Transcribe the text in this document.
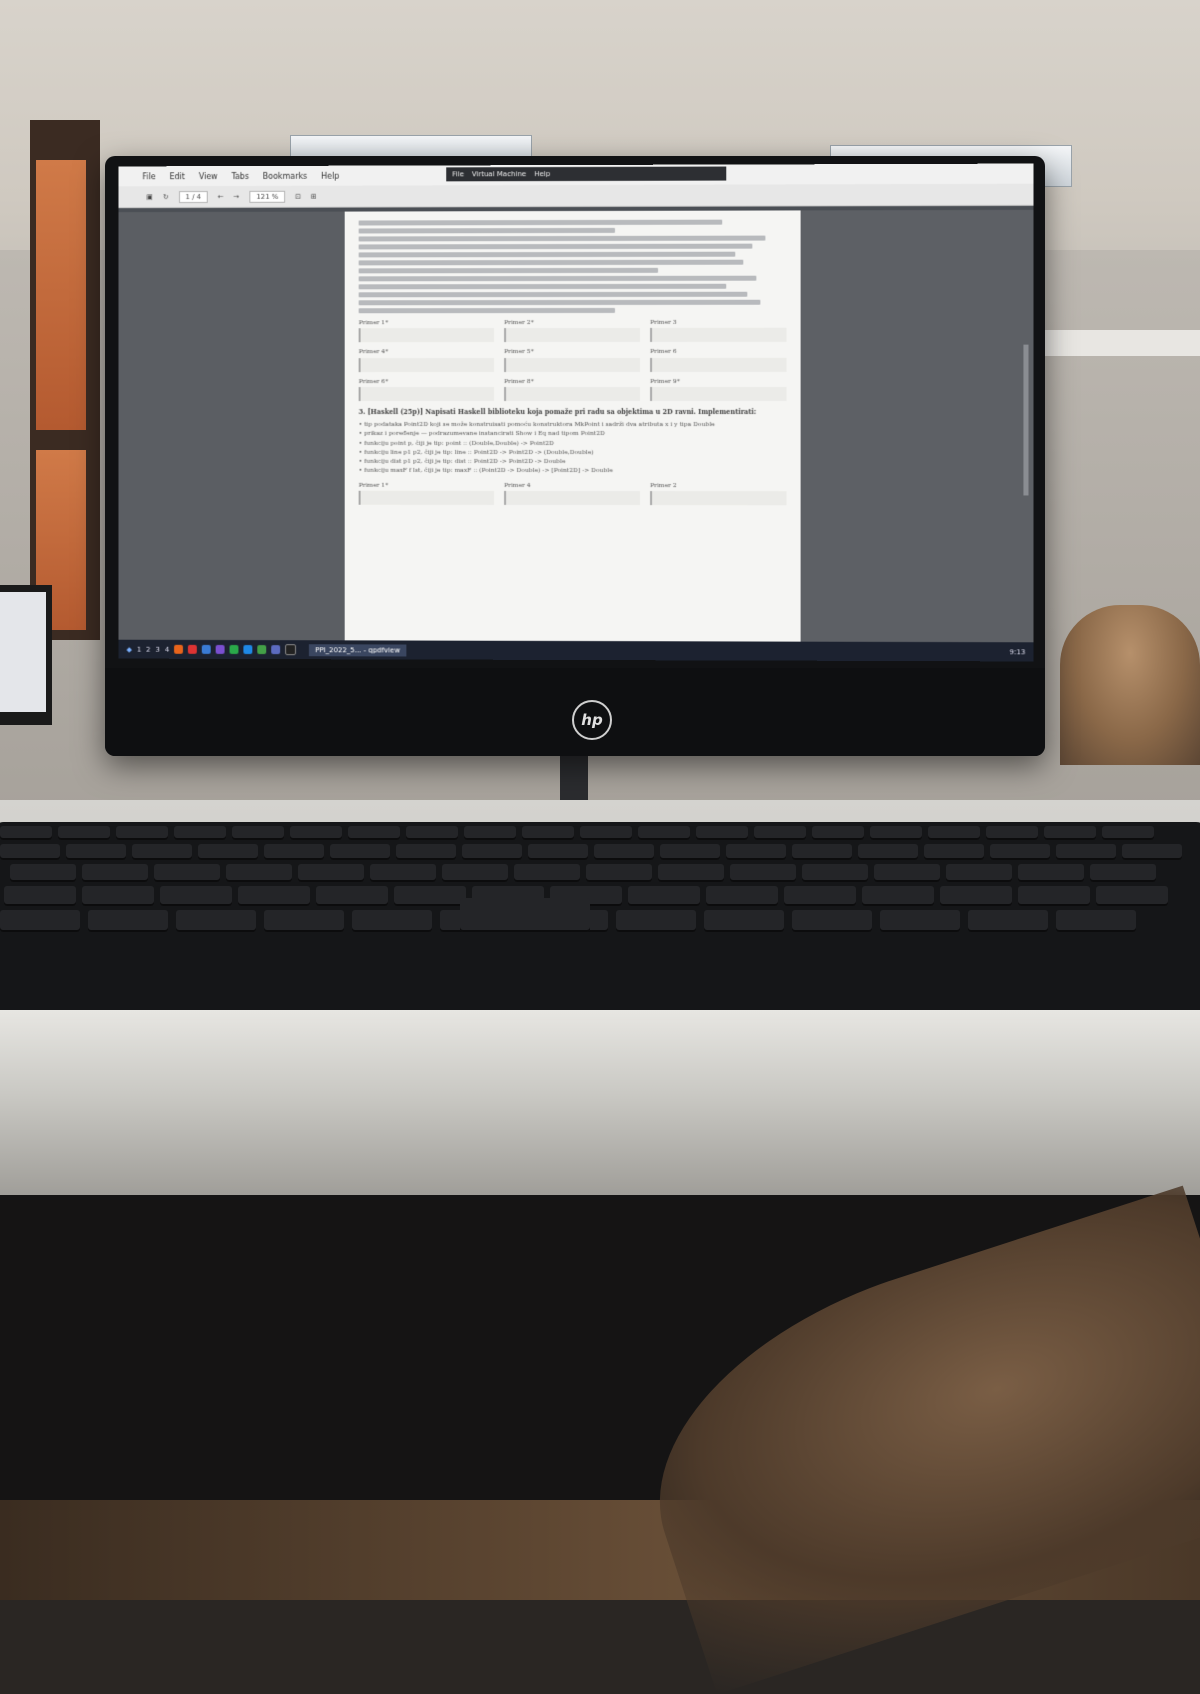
hp
File Edit View Tabs Bookmarks Help	File Virtual Machine Help
▣ ↻	1 / 4	← →	121 %	⊡ ⊞
Primer 1*	Primer 2*	Primer 3
Primer 4*	Primer 5*	Primer 6
Primer 6*	Primer 8*	Primer 9*
3. [Haskell (25p)] Napisati Haskell biblioteku koja pomaže pri radu sa objektima u 2D ravni. Implementirati:
• tip podataka Point2D koji se može konstruisati pomoću konstruktora MkPoint i sadrži dva atributa x i y tipa Double
• prikaz i poređenje — podrazumevane instancirati Show i Eq nad tipom Point2D
• funkciju point p, čiji je tip: point :: (Double,Double) -> Point2D
• funkciju line p1 p2, čiji je tip: line :: Point2D -> Point2D -> (Double,Double)
• funkciju dist p1 p2, čiji je tip: dist :: Point2D -> Point2D -> Double
• funkciju maxF f lst, čiji je tip: maxF :: (Point2D -> Double) -> [Point2D] -> Double
Primer 1*	Primer 4	Primer 2
◆ 1 2 3 4	PPI_2022_5... - qpdfview	9:13
